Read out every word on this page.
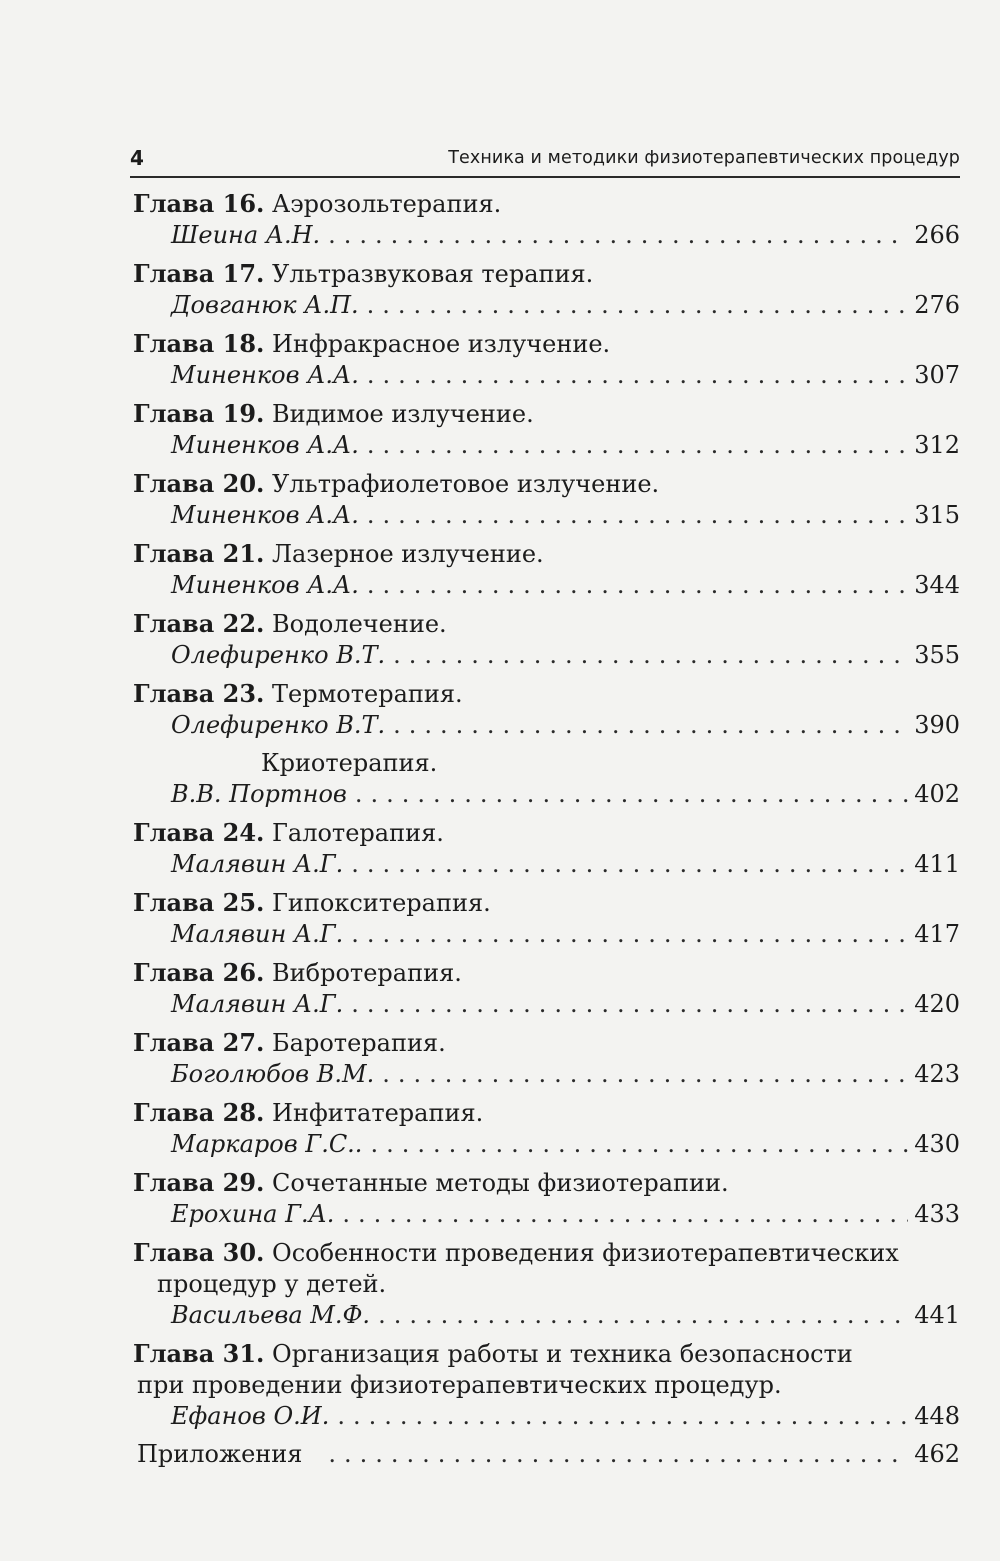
4	Техника и методики физиотерапевтических процедур
Глава 16. Аэрозольтерапия.
Шеина А.Н. .....	266
Глава 17. Ультразвуковая терапия.
Довганюк А.П. .....	276
Глава 18. Инфракрасное излучение.
Миненков А.А. .....	307
Глава 19. Видимое излучение.
Миненков А.А. .....	312
Глава 20. Ультрафиолетовое излучение.
Миненков А.А. .....	315
Глава 21. Лазерное излучение.
Миненков А.А. .....	344
Глава 22. Водолечение.
Олефиренко В.Т. .....	355
Глава 23. Термотерапия.
Олефиренко В.Т. .....	390
Криотерапия.
В.В. Портнов .....	402
Глава 24. Галотерапия.
Малявин А.Г. .....	411
Глава 25. Гипокситерапия.
Малявин А.Г. .....	417
Глава 26. Вибротерапия.
Малявин А.Г. .....	420
Глава 27. Баротерапия.
Боголюбов В.М. .....	423
Глава 28. Инфитатерапия.
Маркаров Г.С.. .....	430
Глава 29. Сочетанные методы физиотерапии.
Ерохина Г.А. .....	433
Глава 30. Особенности проведения физиотерапевтических
процедур у детей.
Васильева М.Ф. .....	441
Глава 31. Организация работы и техника безопасности
при проведении физиотерапевтических процедур.
Ефанов О.И. .....	448
Приложения .....	462
